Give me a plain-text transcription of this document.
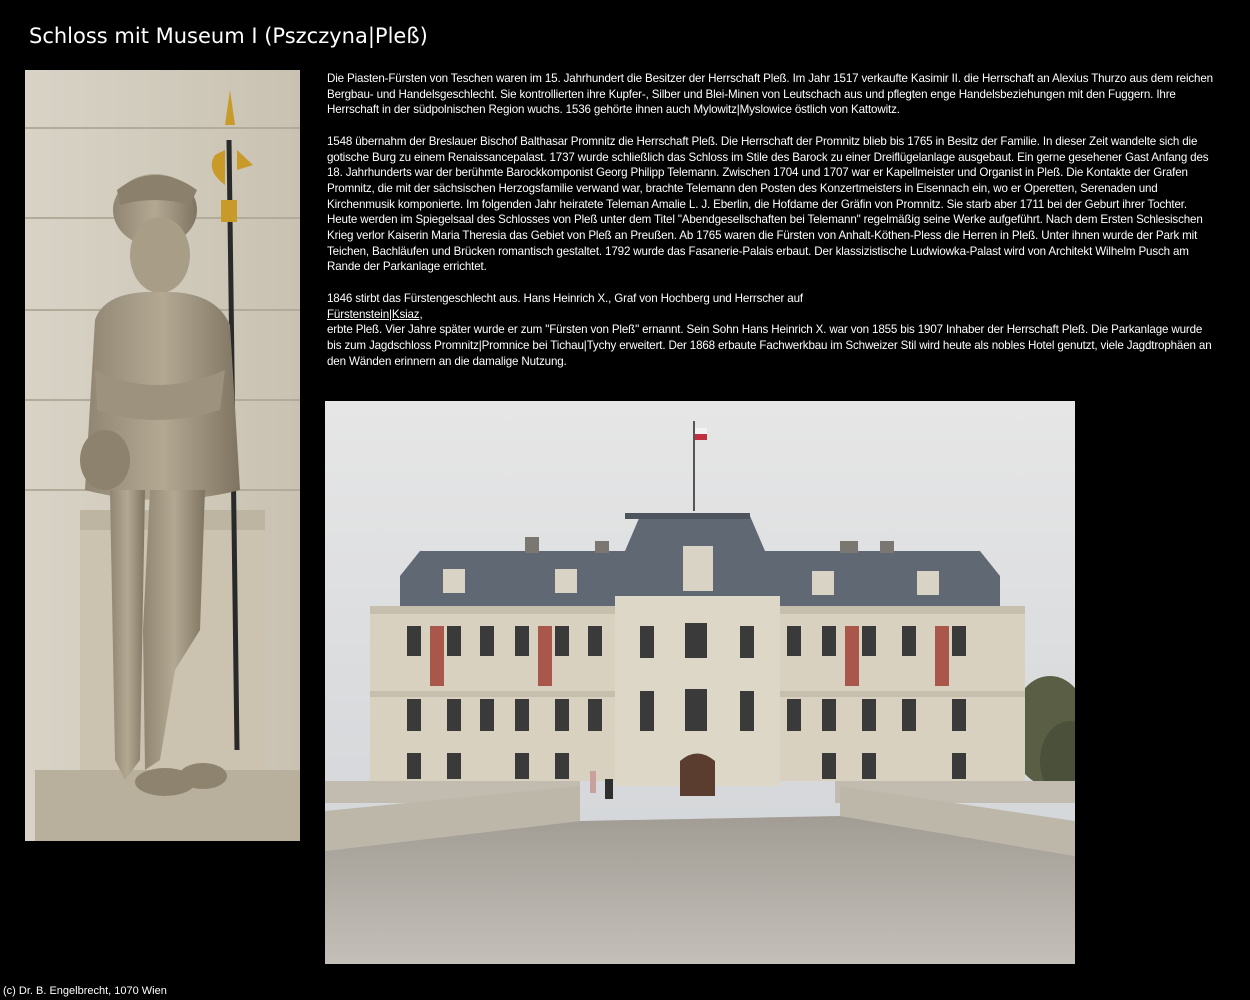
Schloss mit Museum I (Pszczyna|Pleß)

Die Piasten-Fürsten von Teschen waren im 15. Jahrhundert die Besitzer der Herrschaft Pleß. Im Jahr 1517 verkaufte Kasimir II. die Herrschaft an Alexius Thurzo aus dem reichen Bergbau- und Handelsgeschlecht. Sie kontrollierten ihre Kupfer-, Silber und Blei-Minen von Leutschach aus und pflegten enge Handelsbeziehungen mit den Fuggern. Ihre Herrschaft in der südpolnischen Region wuchs. 1536 gehörte ihnen auch Mylowitz|Myslowice östlich von Kattowitz.

1548 übernahm der Breslauer Bischof Balthasar Promnitz die Herrschaft Pleß. Die Herrschaft der Promnitz blieb bis 1765 in Besitz der Familie. In dieser Zeit wandelte sich die gotische Burg zu einem Renaissancepalast. 1737 wurde schließlich das Schloss im Stile des Barock zu einer Dreiflügelanlage ausgebaut. Ein gerne gesehener Gast Anfang des 18. Jahrhunderts war der berühmte Barockkomponist Georg Philipp Telemann. Zwischen 1704 und 1707 war er Kapellmeister und Organist in Pleß. Die Kontakte der Grafen Promnitz, die mit der sächsischen Herzogsfamilie verwand war, brachte Telemann den Posten des Konzertmeisters in Eisennach ein, wo er Operetten, Serenaden und Kirchenmusik komponierte. Im folgenden Jahr heiratete Teleman Amalie L. J. Eberlin, die Hofdame der Gräfin von Promnitz. Sie starb aber 1711 bei der Geburt ihrer Tochter. Heute werden im Spiegelsaal des Schlosses von Pleß unter dem Titel "Abendgesellschaften bei Telemann" regelmäßig seine Werke aufgeführt. Nach dem Ersten Schlesischen Krieg verlor Kaiserin Maria Theresia das Gebiet von Pleß an Preußen. Ab 1765 waren die Fürsten von Anhalt-Köthen-Pless die Herren in Pleß. Unter ihnen wurde der Park mit Teichen, Bachläufen und Brücken romantisch gestaltet. 1792 wurde das Fasanerie-Palais erbaut. Der klassizistische Ludwiowka-Palast wird von Architekt Wilhelm Pusch am Rande der Parkanlage errichtet.

1846 stirbt das Fürstengeschlecht aus. Hans Heinrich X., Graf von Hochberg und Herrscher auf
Fürstenstein|Ksiaz,
erbte Pleß. Vier Jahre später wurde er zum "Fürsten von Pleß" ernannt. Sein Sohn Hans Heinrich X. war von 1855 bis 1907 Inhaber der Herrschaft Pleß. Die Parkanlage wurde bis zum Jagdschloss Promnitz|Promnice bei Tichau|Tychy erweitert. Der 1868 erbaute Fachwerkbau im Schweizer Stil wird heute als nobles Hotel genutzt, viele Jagdtrophäen an den Wänden erinnern an die damalige Nutzung.

(c) Dr. B. Engelbrecht, 1070 Wien
